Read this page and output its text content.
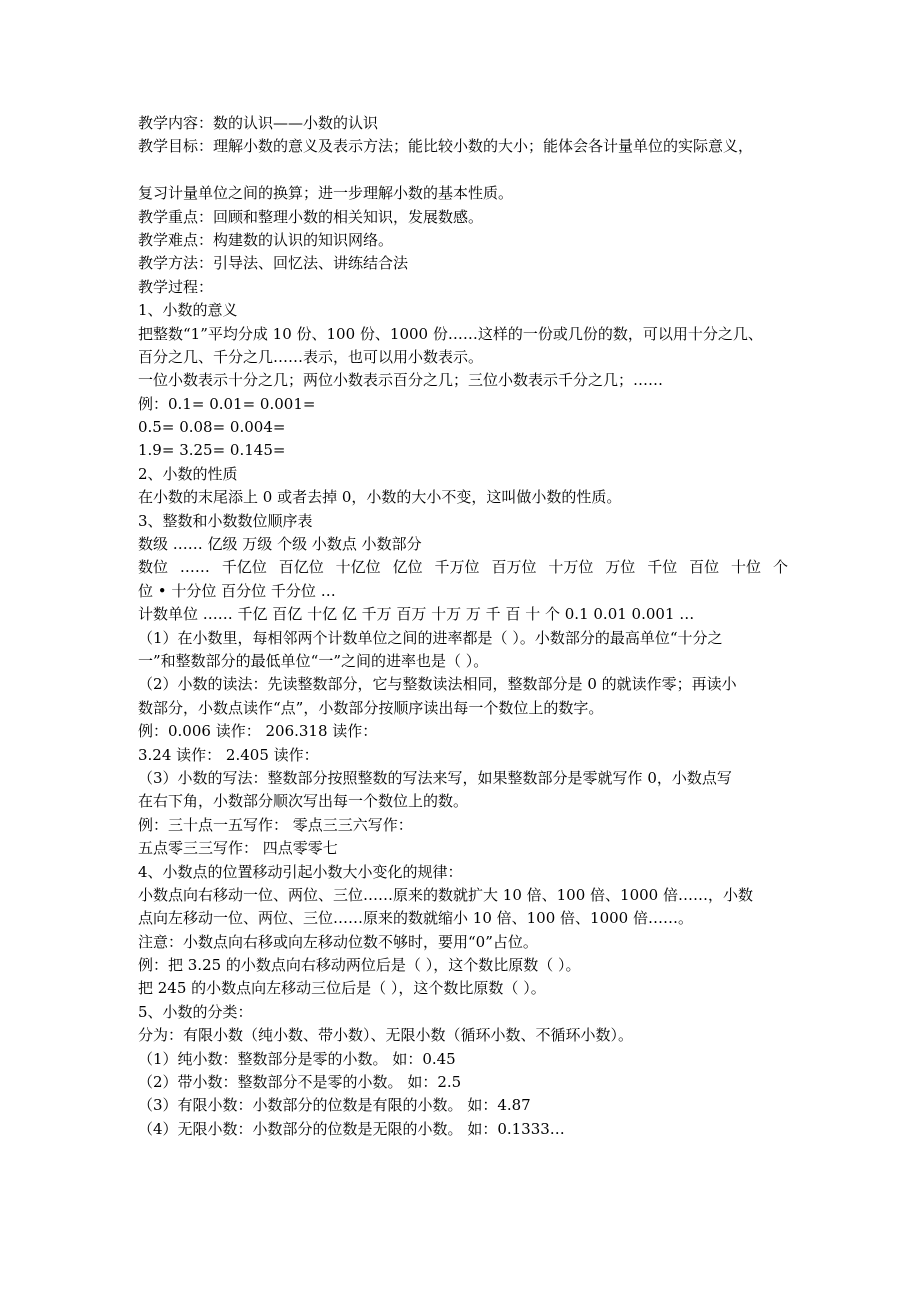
教学内容：数的认识——小数的认识
教学目标：理解小数的意义及表示方法；能比较小数的大小；能体会各计量单位的实际意义，
复习计量单位之间的换算；进一步理解小数的基本性质。
教学重点：回顾和整理小数的相关知识，发展数感。
教学难点：构建数的认识的知识网络。
教学方法：引导法、回忆法、讲练结合法
教学过程：
1、小数的意义
把整数“1”平均分成 10 份、100 份、1000 份……这样的一份或几份的数，可以用十分之几、
百分之几、千分之几……表示，也可以用小数表示。
一位小数表示十分之几；两位小数表示百分之几；三位小数表示千分之几；……
例：0.1= 0.01= 0.001=
0.5= 0.08= 0.004=
1.9= 3.25= 0.145=
2、小数的性质
在小数的末尾添上 0 或者去掉 0，小数的大小不变，这叫做小数的性质。
3、整数和小数数位顺序表
数级 …… 亿级 万级 个级 小数点 小数部分
数位 …… 千亿位 百亿位 十亿位 亿位 千万位 百万位 十万位 万位 千位 百位 十位 个
位 • 十分位 百分位 千分位 …
计数单位 …… 千亿 百亿 十亿 亿 千万 百万 十万 万 千 百 十 个 0.1 0.01 0.001 …
（1）在小数里，每相邻两个计数单位之间的进率都是（ ）。小数部分的最高单位“十分之
一”和整数部分的最低单位“一”之间的进率也是（ ）。
（2）小数的读法：先读整数部分，它与整数读法相同，整数部分是 0 的就读作零；再读小
数部分，小数点读作“点”，小数部分按顺序读出每一个数位上的数字。
例：0.006 读作： 206.318 读作：
3.24 读作： 2.405 读作：
（3）小数的写法：整数部分按照整数的写法来写，如果整数部分是零就写作 0，小数点写
在右下角，小数部分顺次写出每一个数位上的数。
例：三十点一五写作： 零点三三六写作：
五点零三三写作： 四点零零七
4、小数点的位置移动引起小数大小变化的规律：
小数点向右移动一位、两位、三位……原来的数就扩大 10 倍、100 倍、1000 倍……，小数
点向左移动一位、两位、三位……原来的数就缩小 10 倍、100 倍、1000 倍……。
注意：小数点向右移或向左移动位数不够时，要用“0”占位。
例：把 3.25 的小数点向右移动两位后是（ ），这个数比原数（ ）。
把 245 的小数点向左移动三位后是（ ），这个数比原数（ ）。
5、小数的分类：
分为：有限小数（纯小数、带小数）、无限小数（循环小数、不循环小数）。
（1）纯小数：整数部分是零的小数。 如：0.45
（2）带小数：整数部分不是零的小数。 如：2.5
（3）有限小数：小数部分的位数是有限的小数。 如：4.87
（4）无限小数：小数部分的位数是无限的小数。 如：0.1333…
